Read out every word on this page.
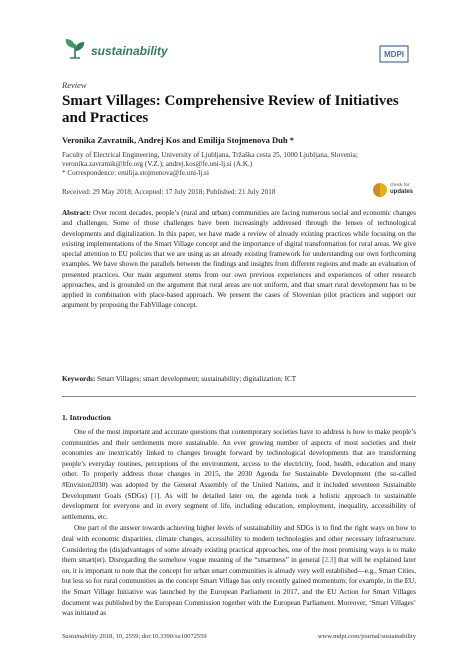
sustainability	MDPI
Review
Smart Villages: Comprehensive Review of Initiatives and Practices
Veronika Zavratnik, Andrej Kos and Emilija Stojmenova Duh *
Faculty of Electrical Engineering, University of Ljubljana, Tržaška cesta 25, 1000 Ljubljana, Slovenia;
veronika.zavratnik@ltfe.org (V.Z.); andrej.kos@fe.uni-lj.si (A.K.)
* Correspondence: emilija.stojmenova@fe.uni-lj.si
Received: 29 May 2018; Accepted: 17 July 2018; Published: 21 July 2018
check for
updates
Abstract: Over recent decades, people’s (rural and urban) communities are facing numerous social and economic changes and challenges. Some of those challenges have been increasingly addressed through the lenses of technological developments and digitalization. In this paper, we have made a review of already existing practices while focusing on the existing implementations of the Smart Village concept and the importance of digital transformation for rural areas. We give special attention to EU policies that we are using as an already existing framework for understanding our own forthcoming examples. We have shown the parallels between the findings and insights from different regions and made an evaluation of presented practices. Our main argument stems from our own previous experiences and experiences of other research approaches, and is grounded on the argument that rural areas are not uniform, and that smart rural development has to be applied in combination with place-based approach. We present the cases of Slovenian pilot practices and support our argument by proposing the FabVillage concept.
Keywords: Smart Villages; smart development; sustainability; digitalization; ICT
1. Introduction

One of the most important and accurate questions that contemporary societies have to address is how to make people’s communities and their settlements more sustainable. An ever growing number of aspects of most societies and their economies are inextricably linked to changes brought forward by technological developments that are transforming people’s everyday routines, perceptions of the environment, access to the electricity, food, health, education and many other. To properly address those changes in 2015, the 2030 Agenda for Sustainable Development (the so-called #Envision2030) was adopted by the General Assembly of the United Nations, and it included seventeen Sustainable Development Goals (SDGs) [1]. As will be detailed later on, the agenda took a holistic approach to sustainable development for everyone and in every segment of life, including education, employment, inequality, accessibility of settlements, etc.

One part of the answer towards achieving higher levels of sustainability and SDGs is to find the right ways on how to deal with economic disparities, climate changes, accessibility to modern technologies and other necessary infrastructure. Considering the (dis)advantages of some already existing practical approaches, one of the most promising ways is to make them smart(er). Disregarding the somehow vogue meaning of the “smartness” in general [2,3] that will be explained later on, it is important to note that the concept for urban smart communities is already very well established—e.g., Smart Cities, but less so for rural communities as the concept Smart Village has only recently gained momentum; for example, in the EU, the Smart Village Initiative was launched by the European Parliament in 2017, and the EU Action for Smart Villages document was published by the European Commission together with the European Parliament. Moreover, ‘Smart Villages’ was initiated as

Sustainability 2018, 10, 2559; doi:10.3390/su10072559	www.mdpi.com/journal/sustainability
